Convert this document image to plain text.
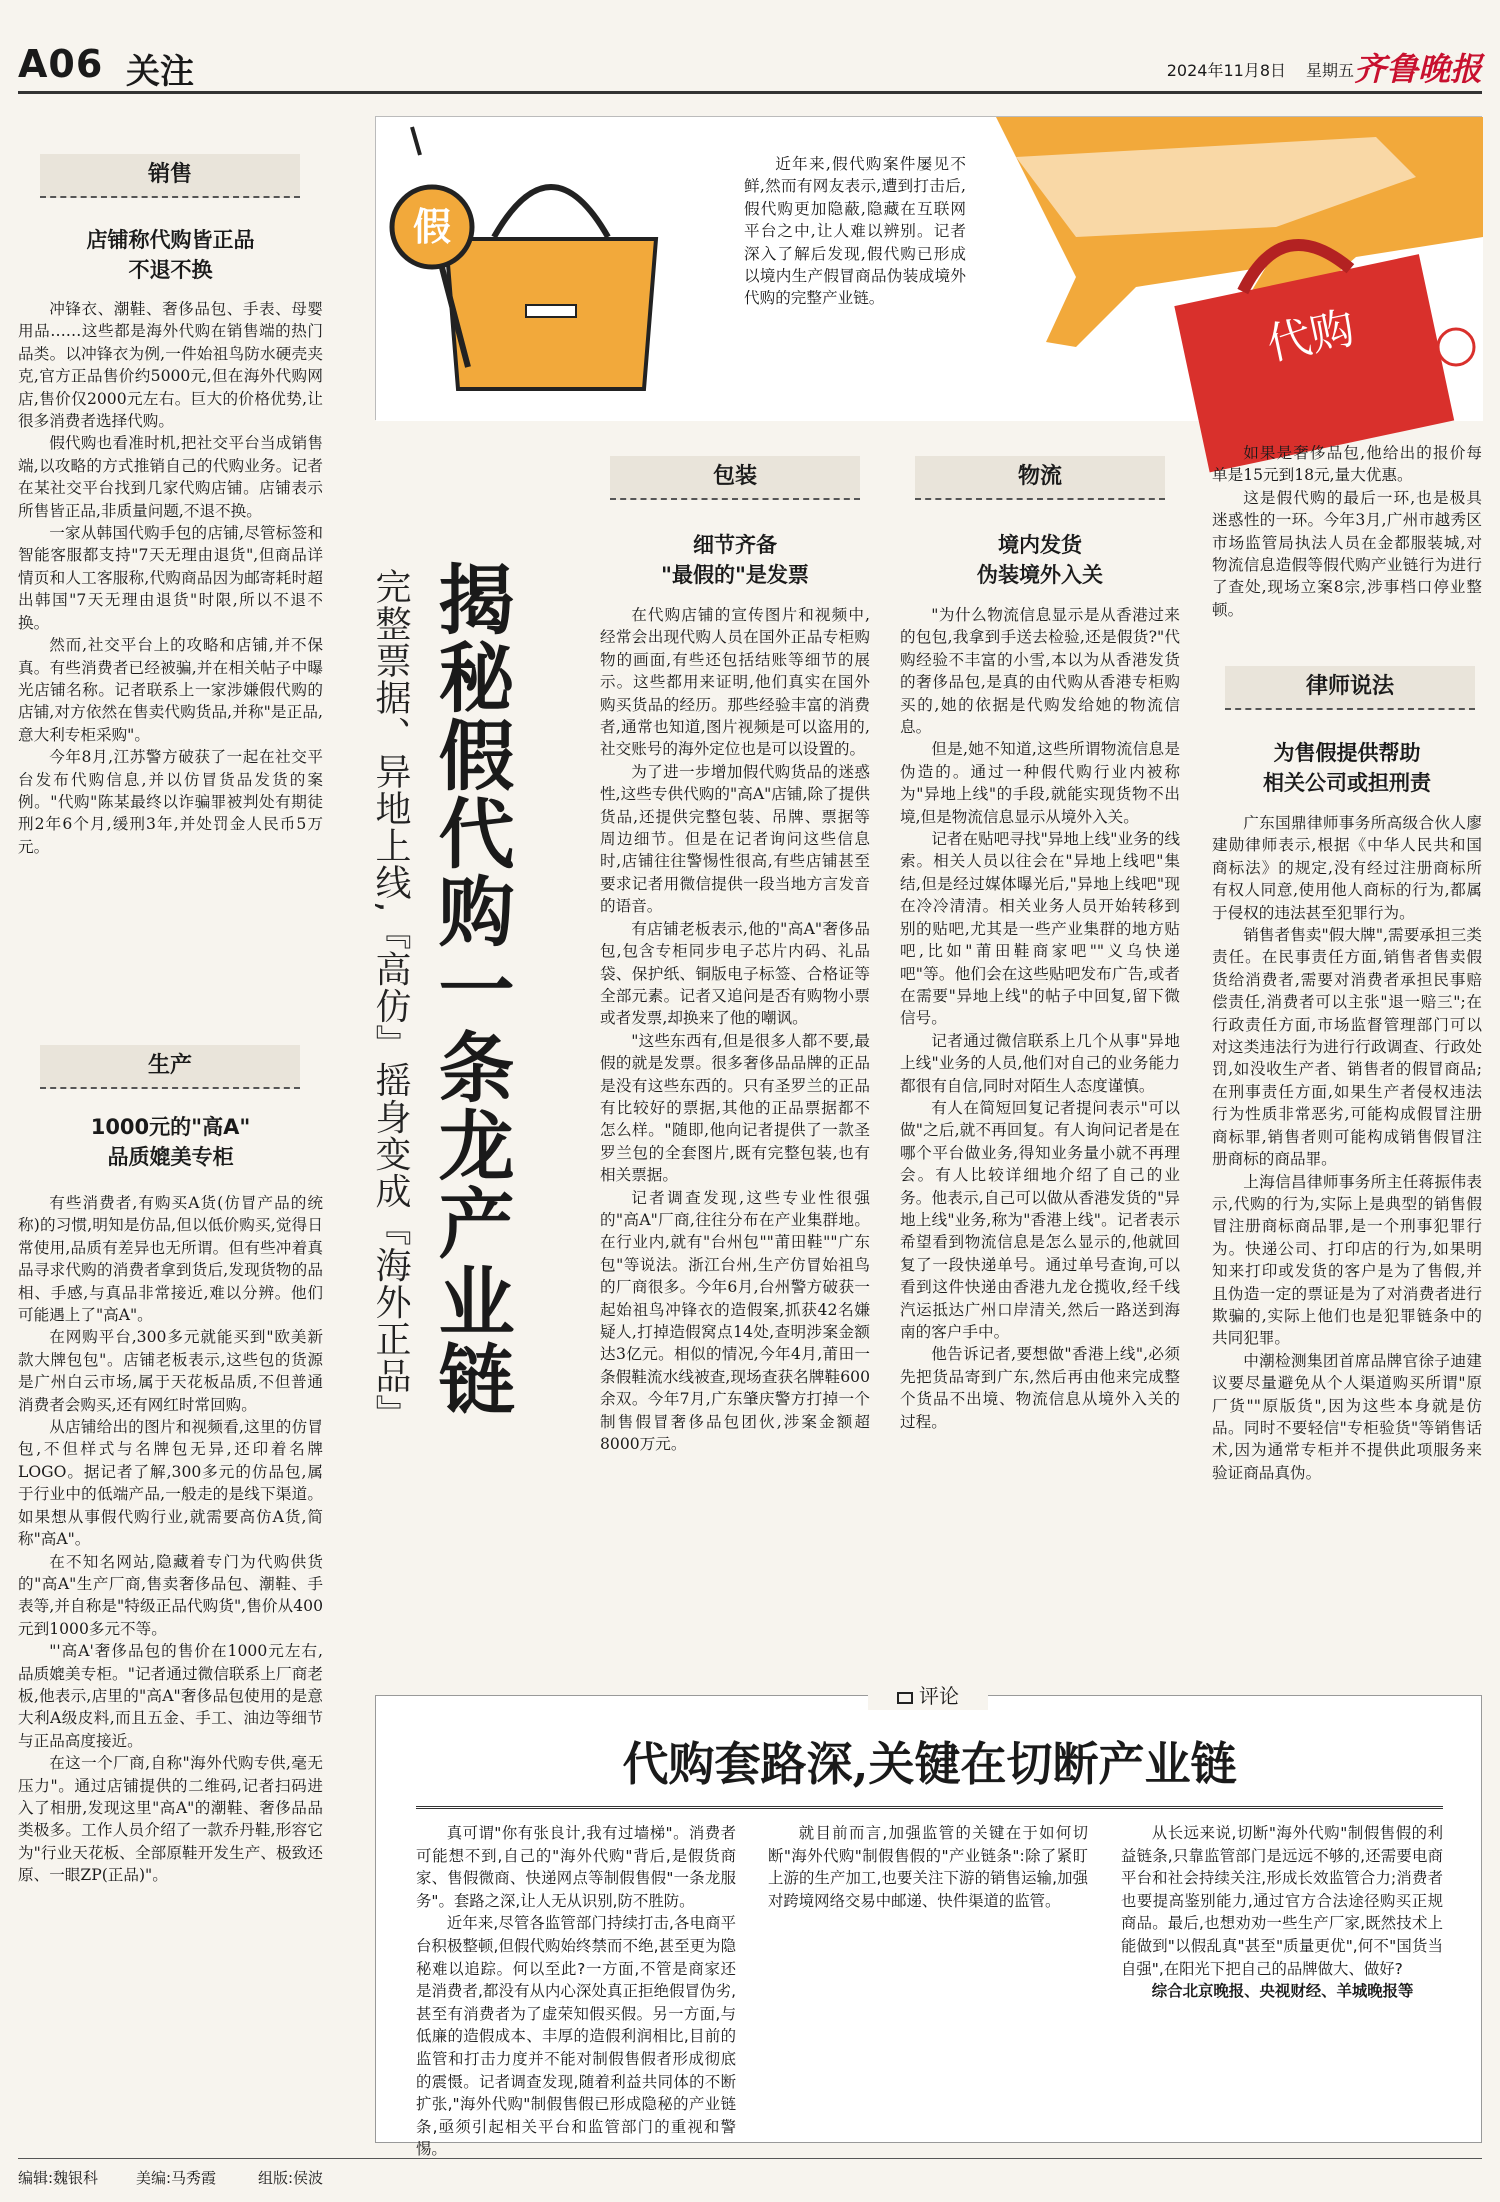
A06 关注	2024年11月8日 星期五 齐鲁晚报
销售
店铺称代购皆正品
不退不换

冲锋衣、潮鞋、奢侈品包、手表、母婴用品……这些都是海外代购在销售端的热门品类。以冲锋衣为例,一件始祖鸟防水硬壳夹克,官方正品售价约5000元,但在海外代购网店,售价仅2000元左右。巨大的价格优势,让很多消费者选择代购。

假代购也看准时机,把社交平台当成销售端,以攻略的方式推销自己的代购业务。记者在某社交平台找到几家代购店铺。店铺表示所售皆正品,非质量问题,不退不换。

一家从韩国代购手包的店铺,尽管标签和智能客服都支持"7天无理由退货",但商品详情页和人工客服称,代购商品因为邮寄耗时超出韩国"7天无理由退货"时限,所以不退不换。

然而,社交平台上的攻略和店铺,并不保真。有些消费者已经被骗,并在相关帖子中曝光店铺名称。记者联系上一家涉嫌假代购的店铺,对方依然在售卖代购货品,并称"是正品,意大利专柜采购"。

今年8月,江苏警方破获了一起在社交平台发布代购信息,并以仿冒货品发货的案例。"代购"陈某最终以诈骗罪被判处有期徒刑2年6个月,缓刑3年,并处罚金人民币5万元。

生产
1000元的"高A"
品质媲美专柜

有些消费者,有购买A货(仿冒产品的统称)的习惯,明知是仿品,但以低价购买,觉得日常使用,品质有差异也无所谓。但有些冲着真品寻求代购的消费者拿到货后,发现货物的品相、手感,与真品非常接近,难以分辨。他们可能遇上了"高A"。

在网购平台,300多元就能买到"欧美新款大牌包包"。店铺老板表示,这些包的货源是广州白云市场,属于天花板品质,不但普通消费者会购买,还有网红时常回购。

从店铺给出的图片和视频看,这里的仿冒包,不但样式与名牌包无异,还印着名牌LOGO。据记者了解,300多元的仿品包,属于行业中的低端产品,一般走的是线下渠道。如果想从事假代购行业,就需要高仿A货,简称"高A"。

在不知名网站,隐藏着专门为代购供货的"高A"生产厂商,售卖奢侈品包、潮鞋、手表等,并自称是"特级正品代购货",售价从400元到1000多元不等。

"'高A'奢侈品包的售价在1000元左右,品质媲美专柜。"记者通过微信联系上厂商老板,他表示,店里的"高A"奢侈品包使用的是意大利A级皮料,而且五金、手工、油边等细节与正品高度接近。

在这一个厂商,自称"海外代购专供,毫无压力"。通过店铺提供的二维码,记者扫码进入了相册,发现这里"高A"的潮鞋、奢侈品品类极多。工作人员介绍了一款乔丹鞋,形容它为"行业天花板、全部原鞋开发生产、极致还原、一眼ZP(正品)"。

假
代购

近年来,假代购案件屡见不鲜,然而有网友表示,遭到打击后,假代购更加隐蔽,隐藏在互联网平台之中,让人难以辨别。记者深入了解后发现,假代购已形成以境内生产假冒商品伪装成境外代购的完整产业链。

完整票据、异地上线,『高仿』摇身变成『海外正品』 揭秘假代购一条龙产业链
包装
细节齐备
"最假的"是发票

在代购店铺的宣传图片和视频中,经常会出现代购人员在国外正品专柜购物的画面,有些还包括结账等细节的展示。这些都用来证明,他们真实在国外购买货品的经历。那些经验丰富的消费者,通常也知道,图片视频是可以盗用的,社交账号的海外定位也是可以设置的。

为了进一步增加假代购货品的迷惑性,这些专供代购的"高A"店铺,除了提供货品,还提供完整包装、吊牌、票据等周边细节。但是在记者询问这些信息时,店铺往往警惕性很高,有些店铺甚至要求记者用微信提供一段当地方言发音的语音。

有店铺老板表示,他的"高A"奢侈品包,包含专柜同步电子芯片内码、礼品袋、保护纸、铜版电子标签、合格证等全部元素。记者又追问是否有购物小票或者发票,却换来了他的嘲讽。

"这些东西有,但是很多人都不要,最假的就是发票。很多奢侈品品牌的正品是没有这些东西的。只有圣罗兰的正品有比较好的票据,其他的正品票据都不怎么样。"随即,他向记者提供了一款圣罗兰包的全套图片,既有完整包装,也有相关票据。

记者调查发现,这些专业性很强的"高A"厂商,往往分布在产业集群地。在行业内,就有"台州包""莆田鞋""广东包"等说法。浙江台州,生产仿冒始祖鸟的厂商很多。今年6月,台州警方破获一起始祖鸟冲锋衣的造假案,抓获42名嫌疑人,打掉造假窝点14处,查明涉案金额达3亿元。相似的情况,今年4月,莆田一条假鞋流水线被查,现场查获名牌鞋600余双。今年7月,广东肇庆警方打掉一个制售假冒奢侈品包团伙,涉案金额超8000万元。

物流
境内发货
伪装境外入关

"为什么物流信息显示是从香港过来的包包,我拿到手送去检验,还是假货?"代购经验不丰富的小雪,本以为从香港发货的奢侈品包,是真的由代购从香港专柜购买的,她的依据是代购发给她的物流信息。

但是,她不知道,这些所谓物流信息是伪造的。通过一种假代购行业内被称为"异地上线"的手段,就能实现货物不出境,但是物流信息显示从境外入关。

记者在贴吧寻找"异地上线"业务的线索。相关人员以往会在"异地上线吧"集结,但是经过媒体曝光后,"异地上线吧"现在冷冷清清。相关业务人员开始转移到别的贴吧,尤其是一些产业集群的地方贴吧,比如"莆田鞋商家吧""义乌快递吧"等。他们会在这些贴吧发布广告,或者在需要"异地上线"的帖子中回复,留下微信号。

记者通过微信联系上几个从事"异地上线"业务的人员,他们对自己的业务能力都很有自信,同时对陌生人态度谨慎。

有人在简短回复记者提问表示"可以做"之后,就不再回复。有人询问记者是在哪个平台做业务,得知业务量小就不再理会。有人比较详细地介绍了自己的业务。他表示,自己可以做从香港发货的"异地上线"业务,称为"香港上线"。记者表示希望看到物流信息是怎么显示的,他就回复了一段快递单号。通过单号查询,可以看到这件快递由香港九龙仓揽收,经千线汽运抵达广州口岸清关,然后一路送到海南的客户手中。

他告诉记者,要想做"香港上线",必须先把货品寄到广东,然后再由他来完成整个货品不出境、物流信息从境外入关的过程。

如果是奢侈品包,他给出的报价每单是15元到18元,量大优惠。

这是假代购的最后一环,也是极具迷惑性的一环。今年3月,广州市越秀区市场监管局执法人员在金都服装城,对物流信息造假等假代购产业链行为进行了查处,现场立案8宗,涉事档口停业整顿。

律师说法
为售假提供帮助
相关公司或担刑责

广东国鼎律师事务所高级合伙人廖建勋律师表示,根据《中华人民共和国商标法》的规定,没有经过注册商标所有权人同意,使用他人商标的行为,都属于侵权的违法甚至犯罪行为。

销售者售卖"假大牌",需要承担三类责任。在民事责任方面,销售者售卖假货给消费者,需要对消费者承担民事赔偿责任,消费者可以主张"退一赔三";在行政责任方面,市场监督管理部门可以对这类违法行为进行行政调查、行政处罚,如没收生产者、销售者的假冒商品;在刑事责任方面,如果生产者侵权违法行为性质非常恶劣,可能构成假冒注册商标罪,销售者则可能构成销售假冒注册商标的商品罪。

上海信昌律师事务所主任蒋振伟表示,代购的行为,实际上是典型的销售假冒注册商标商品罪,是一个刑事犯罪行为。快递公司、打印店的行为,如果明知来打印或发货的客户是为了售假,并且伪造一定的票证是为了对消费者进行欺骗的,实际上他们也是犯罪链条中的共同犯罪。

中潮检测集团首席品牌官徐子迪建议要尽量避免从个人渠道购买所谓"原厂货""原版货",因为这些本身就是仿品。同时不要轻信"专柜验货"等销售话术,因为通常专柜并不提供此项服务来验证商品真伪。

评论
代购套路深,关键在切断产业链

真可谓"你有张良计,我有过墙梯"。消费者可能想不到,自己的"海外代购"背后,是假货商家、售假微商、快递网点等制假售假"一条龙服务"。套路之深,让人无从识别,防不胜防。

近年来,尽管各监管部门持续打击,各电商平台积极整顿,但假代购始终禁而不绝,甚至更为隐秘难以追踪。何以至此?一方面,不管是商家还是消费者,都没有从内心深处真正拒绝假冒伪劣,甚至有消费者为了虚荣知假买假。另一方面,与低廉的造假成本、丰厚的造假利润相比,目前的监管和打击力度并不能对制假售假者形成彻底的震慑。记者调查发现,随着利益共同体的不断扩张,"海外代购"制假售假已形成隐秘的产业链条,亟须引起相关平台和监管部门的重视和警惕。

就目前而言,加强监管的关键在于如何切断"海外代购"制假售假的"产业链条":除了紧盯上游的生产加工,也要关注下游的销售运输,加强对跨境网络交易中邮递、快件渠道的监管。

从长远来说,切断"海外代购"制假售假的利益链条,只靠监管部门是远远不够的,还需要电商平台和社会持续关注,形成长效监管合力;消费者也要提高鉴别能力,通过官方合法途径购买正规商品。最后,也想劝劝一些生产厂家,既然技术上能做到"以假乱真"甚至"质量更优",何不"国货当自强",在阳光下把自己的品牌做大、做好?

综合北京晚报、央视财经、羊城晚报等

编辑:魏银科	美编:马秀霞	组版:侯波
